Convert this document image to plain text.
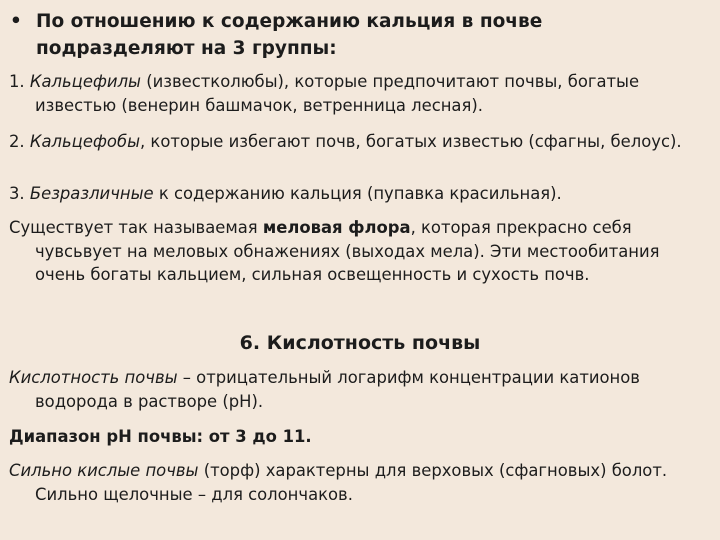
• По отношению к содержанию кальция в почве подразделяют на 3 группы:
1. Кальцефилы (известколюбы), которые предпочитают почвы, богатые известью (венерин башмачок, ветренница лесная).
2. Кальцефобы, которые избегают почв, богатых известью (сфагны, белоус).
3. Безразличные к содержанию кальция (пупавка красильная).
Существует так называемая меловая флора, которая прекрасно себя чувсьвует на меловых обнажениях (выходах мела). Эти местообитания очень богаты кальцием, сильная освещенность и сухость почв.
6. Кислотность почвы
Кислотность почвы – отрицательный логарифм концентрации катионов водорода в растворе (pH).
Диапазон pH почвы: от 3 до 11.
Сильно кислые почвы (торф) характерны для верховых (сфагновых) болот. Сильно щелочные – для солончаков.
